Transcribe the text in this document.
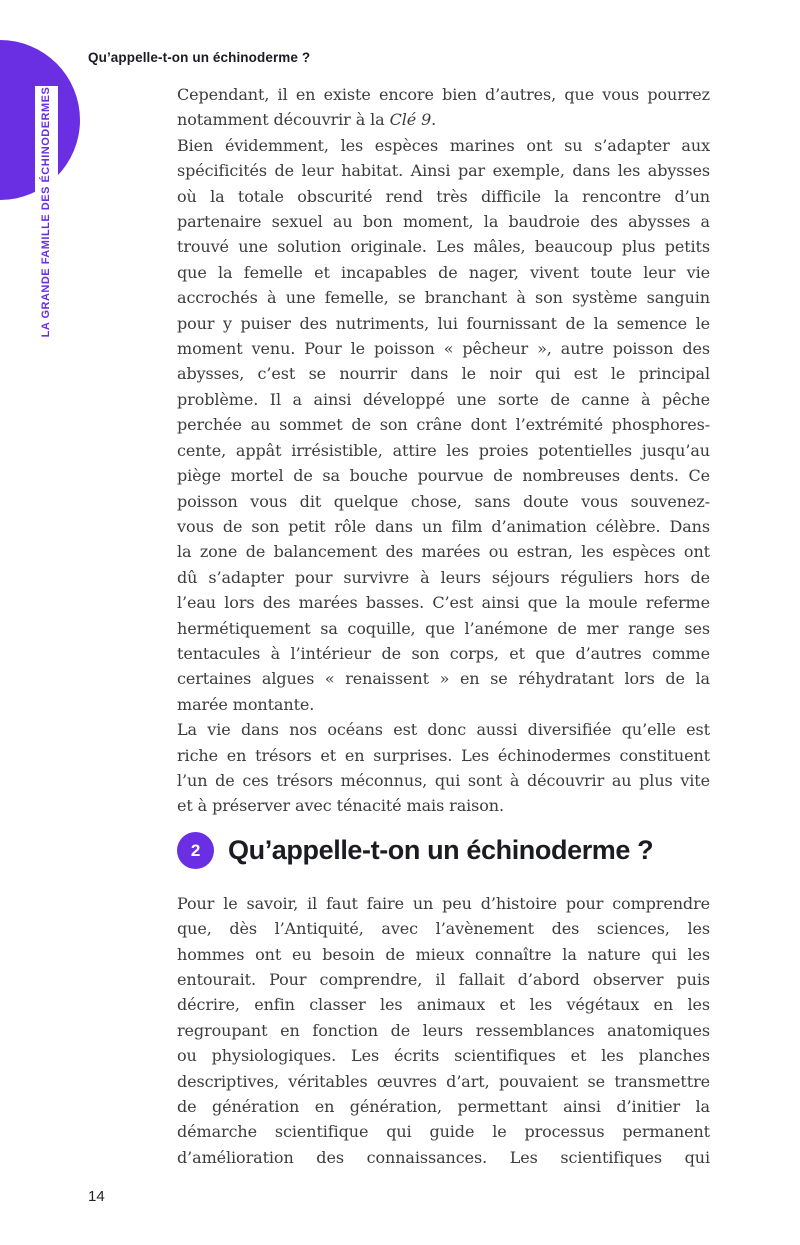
LA GRANDE FAMILLE DES ÉCHINODERMES
Qu’appelle-t-on un échinoderme ?
Cependant, il en existe encore bien d’autres, que vous pourrez
notamment découvrir à la Clé 9.
Bien évidemment, les espèces marines ont su s’adapter aux
spécificités de leur habitat. Ainsi par exemple, dans les abysses
où la totale obscurité rend très difficile la rencontre d’un
partenaire sexuel au bon moment, la baudroie des abysses a
trouvé une solution originale. Les mâles, beaucoup plus petits
que la femelle et incapables de nager, vivent toute leur vie
accrochés à une femelle, se branchant à son système sanguin
pour y puiser des nutriments, lui fournissant de la semence le
moment venu. Pour le poisson « pêcheur », autre poisson des
abysses, c’est se nourrir dans le noir qui est le principal
problème. Il a ainsi développé une sorte de canne à pêche
perchée au sommet de son crâne dont l’extrémité phosphores-
cente, appât irrésistible, attire les proies potentielles jusqu’au
piège mortel de sa bouche pourvue de nombreuses dents. Ce
poisson vous dit quelque chose, sans doute vous souvenez-
vous de son petit rôle dans un film d’animation célèbre. Dans
la zone de balancement des marées ou estran, les espèces ont
dû s’adapter pour survivre à leurs séjours réguliers hors de
l’eau lors des marées basses. C’est ainsi que la moule referme
hermétiquement sa coquille, que l’anémone de mer range ses
tentacules à l’intérieur de son corps, et que d’autres comme
certaines algues « renaissent » en se réhydratant lors de la
marée montante.
La vie dans nos océans est donc aussi diversifiée qu’elle est
riche en trésors et en surprises. Les échinodermes constituent
l’un de ces trésors méconnus, qui sont à découvrir au plus vite
et à préserver avec ténacité mais raison.
2	Qu’appelle-t-on un échinoderme ?
Pour le savoir, il faut faire un peu d’histoire pour comprendre
que, dès l’Antiquité, avec l’avènement des sciences, les
hommes ont eu besoin de mieux connaître la nature qui les
entourait. Pour comprendre, il fallait d’abord observer puis
décrire, enfin classer les animaux et les végétaux en les
regroupant en fonction de leurs ressemblances anatomiques
ou physiologiques. Les écrits scientifiques et les planches
descriptives, véritables œuvres d’art, pouvaient se transmettre
de génération en génération, permettant ainsi d’initier la
démarche scientifique qui guide le processus permanent
d’amélioration des connaissances. Les scientifiques qui
14
